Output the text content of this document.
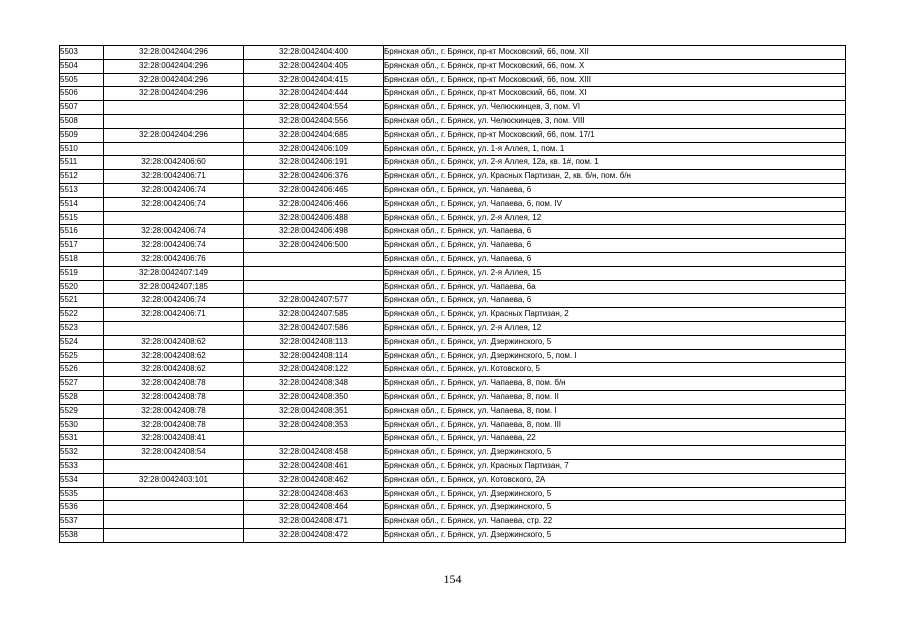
5503	32:28:0042404:296	32:28:0042404:400	Брянская обл., г. Брянск, пр-кт Московский, 66, пом. XII
5504	32:28:0042404:296	32:28:0042404:405	Брянская обл., г. Брянск, пр-кт Московский, 66, пом. X
5505	32:28:0042404:296	32:28:0042404:415	Брянская обл., г. Брянск, пр-кт Московский, 66, пом. XIII
5506	32:28:0042404:296	32:28:0042404:444	Брянская обл., г. Брянск, пр-кт Московский, 66, пом. XI
5507		32:28:0042404:554	Брянская обл., г. Брянск, ул. Челюскинцев, 3, пом. VI
5508		32:28:0042404:556	Брянская обл., г. Брянск, ул. Челюскинцев, 3, пом. VIII
5509	32:28:0042404:296	32:28:0042404:685	Брянская обл., г. Брянск, пр-кт Московский, 66, пом. 17/1
5510		32:28:0042406:109	Брянская обл., г. Брянск, ул. 1-я Аллея, 1, пом. 1
5511	32:28:0042406:60	32:28:0042406:191	Брянская обл., г. Брянск, ул. 2-я Аллея, 12а, кв. 1#, пом. 1
5512	32:28:0042406:71	32:28:0042406:376	Брянская обл., г. Брянск, ул. Красных Партизан, 2, кв. б/н, пом. б/н
5513	32:28:0042406:74	32:28:0042406:465	Брянская обл., г. Брянск, ул. Чапаева, 6
5514	32:28:0042406:74	32:28:0042406:466	Брянская обл., г. Брянск, ул. Чапаева, 6, пом. IV
5515		32:28:0042406:488	Брянская обл., г. Брянск, ул. 2-я Аллея, 12
5516	32:28:0042406:74	32:28:0042406:498	Брянская обл., г. Брянск, ул. Чапаева, 6
5517	32:28:0042406:74	32:28:0042406:500	Брянская обл., г. Брянск, ул. Чапаева, 6
5518	32:28:0042406:76		Брянская обл., г. Брянск, ул. Чапаева, 6
5519	32:28:0042407:149		Брянская обл., г. Брянск, ул. 2-я Аллея, 15
5520	32:28:0042407:185		Брянская обл., г. Брянск, ул. Чапаева, 6а
5521	32:28:0042406:74	32:28:0042407:577	Брянская обл., г. Брянск, ул. Чапаева, 6
5522	32:28:0042406:71	32:28:0042407:585	Брянская обл., г. Брянск, ул. Красных Партизан, 2
5523		32:28:0042407:586	Брянская обл., г. Брянск, ул. 2-я Аллея, 12
5524	32:28:0042408:62	32:28:0042408:113	Брянская обл., г. Брянск, ул. Дзержинского, 5
5525	32:28:0042408:62	32:28:0042408:114	Брянская обл., г. Брянск, ул. Дзержинского, 5, пом. I
5526	32:28:0042408:62	32:28:0042408:122	Брянская обл., г. Брянск, ул. Котовского, 5
5527	32:28:0042408:78	32:28:0042408:348	Брянская обл., г. Брянск, ул. Чапаева, 8, пом. б/н
5528	32:28:0042408:78	32:28:0042408:350	Брянская обл., г. Брянск, ул. Чапаева, 8, пом. II
5529	32:28:0042408:78	32:28:0042408:351	Брянская обл., г. Брянск, ул. Чапаева, 8, пом. I
5530	32:28:0042408:78	32:28:0042408:353	Брянская обл., г. Брянск, ул. Чапаева, 8, пом. III
5531	32:28:0042408:41		Брянская обл., г. Брянск, ул. Чапаева, 22
5532	32:28:0042408:54	32:28:0042408:458	Брянская обл., г. Брянск, ул. Дзержинского, 5
5533		32:28:0042408:461	Брянская обл., г. Брянск, ул. Красных Партизан, 7
5534	32:28:0042403:101	32:28:0042408:462	Брянская обл., г. Брянск, ул. Котовского, 2А
5535		32:28:0042408:463	Брянская обл., г. Брянск, ул. Дзержинского, 5
5536		32:28:0042408:464	Брянская обл., г. Брянск, ул. Дзержинского, 5
5537		32:28:0042408:471	Брянская обл., г. Брянск, ул. Чапаева, стр. 22
5538		32:28:0042408:472	Брянская обл., г. Брянск, ул. Дзержинского, 5
154
